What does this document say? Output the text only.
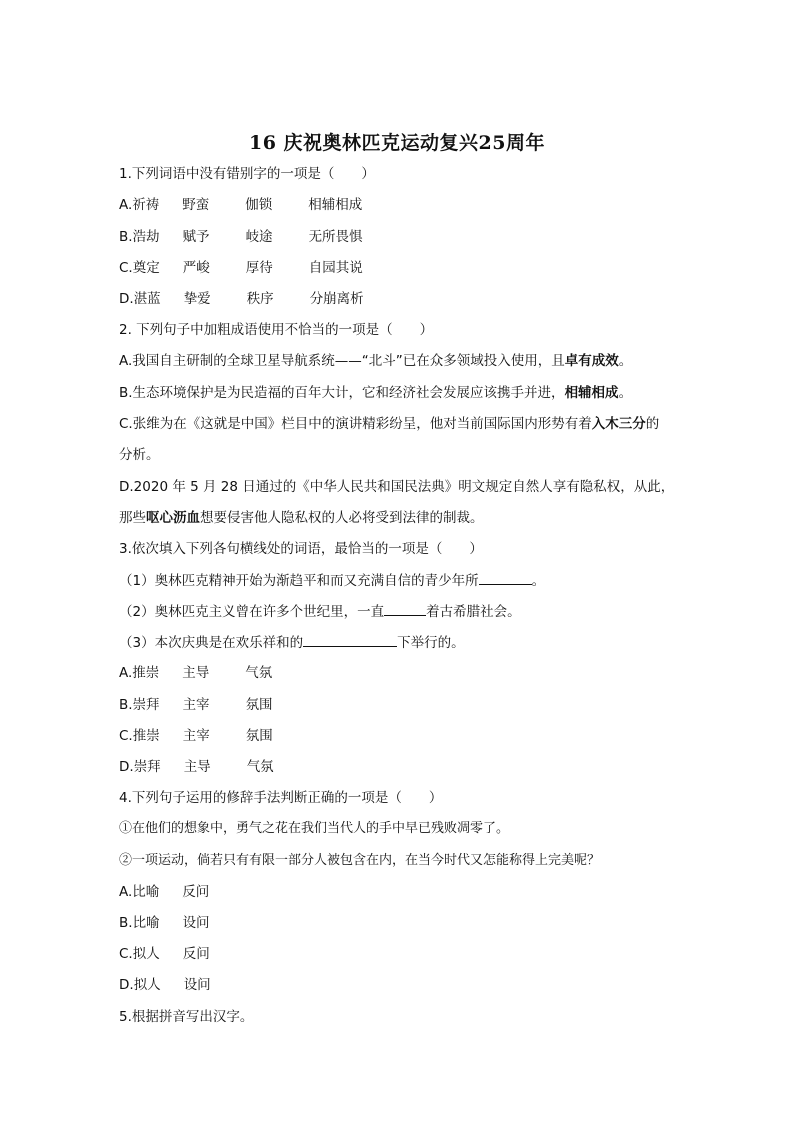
16 庆祝奥林匹克运动复兴25周年
1.下列词语中没有错别字的一项是（　　）
A.祈祷 野蛮	伽锁	相辅相成
B.浩劫 赋予	岐途	无所畏惧
C.奠定 严峻	厚待	自园其说
D.湛蓝 挚爱	秩序	分崩离析
2. 下列句子中加粗成语使用不恰当的一项是（　　）
A.我国自主研制的全球卫星导航系统——“北斗”已在众多领域投入使用，且卓有成效。
B.生态环境保护是为民造福的百年大计，它和经济社会发展应该携手并进，相辅相成。
C.张维为在《这就是中国》栏目中的演讲精彩纷呈，他对当前国际国内形势有着入木三分的
分析。
D.2020 年 5 月 28 日通过的《中华人民共和国民法典》明文规定自然人享有隐私权，从此，
那些呕心沥血想要侵害他人隐私权的人必将受到法律的制裁。
3.依次填入下列各句横线处的词语，最恰当的一项是（　　）
（1）奥林匹克精神开始为渐趋平和而又充满自信的青少年所	。
（2）奥林匹克主义曾在许多个世纪里，一直	着古希腊社会。
（3）本次庆典是在欢乐祥和的	下举行的。
A.推崇 主导	气氛
B.崇拜 主宰	氛围
C.推崇 主宰	氛围
D.崇拜 主导	气氛
4.下列句子运用的修辞手法判断正确的一项是（　　）
①在他们的想象中，勇气之花在我们当代人的手中早已残败凋零了。
②一项运动，倘若只有有限一部分人被包含在内，在当今时代又怎能称得上完美呢？
A.比喻 反问
B.比喻 设问
C.拟人 反问
D.拟人 设问
5.根据拼音写出汉字。
